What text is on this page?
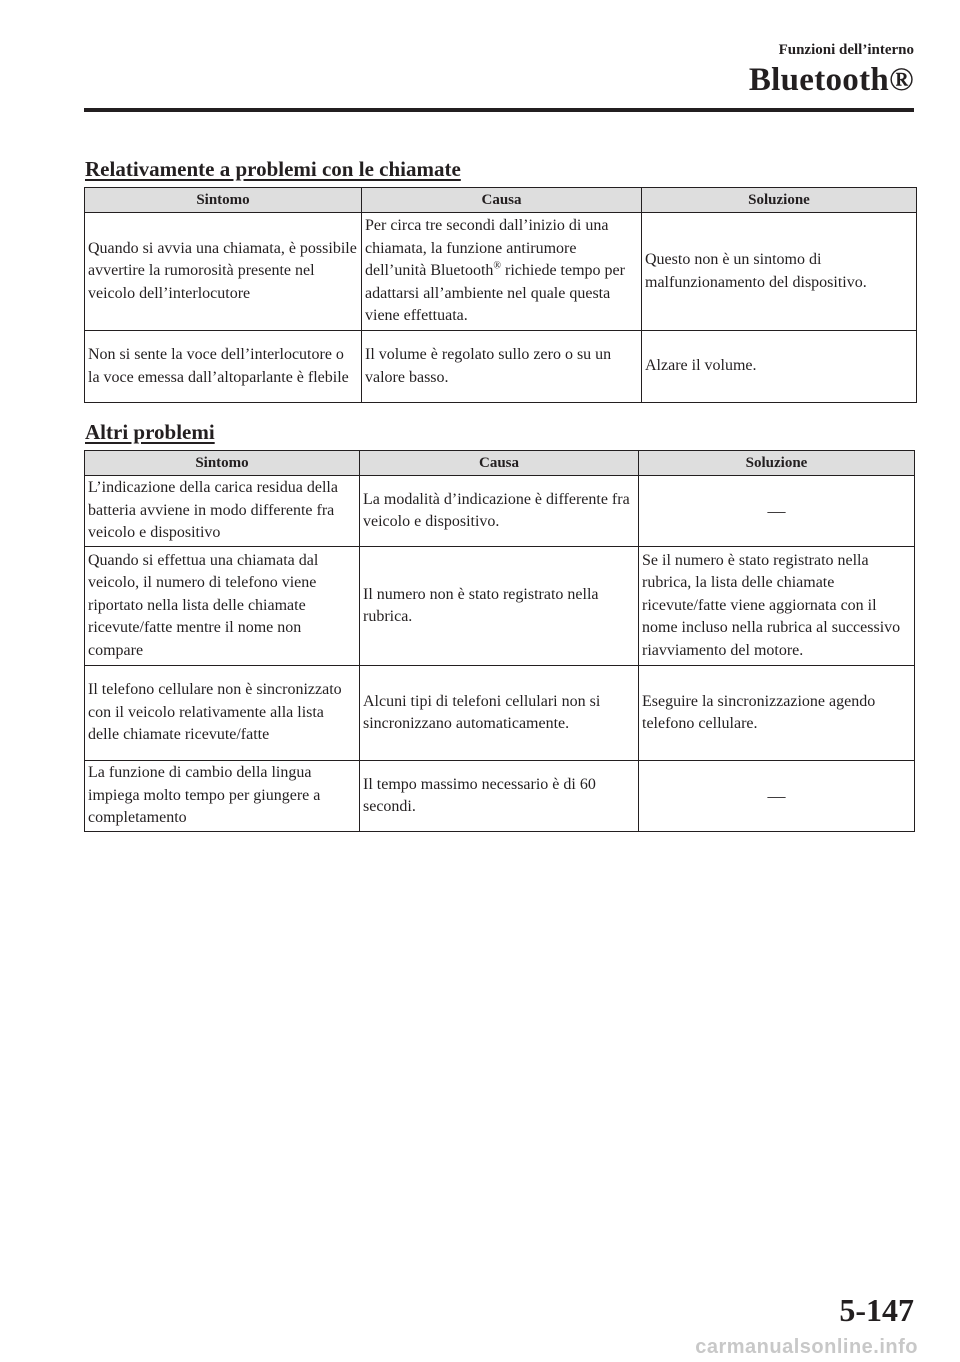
Funzioni dell’interno
Bluetooth®
Relativamente a problemi con le chiamate
Sintomo	Causa	Soluzione
Quando si avvia una chiamata, è possibile avvertire la rumorosità presente nel veicolo dell’interlocutore	Per circa tre secondi dall’inizio di una chiamata, la funzione antirumore dell’unità Bluetooth® richiede tempo per adattarsi all’ambiente nel quale questa viene effettuata.	Questo non è un sintomo di malfunzionamento del dispositivo.
Non si sente la voce dell’interlocutore o la voce emessa dall’altoparlante è flebile	Il volume è regolato sullo zero o su un valore basso.	Alzare il volume.
Altri problemi
Sintomo	Causa	Soluzione
L’indicazione della carica residua della batteria avviene in modo differente fra veicolo e dispositivo	La modalità d’indicazione è differente fra veicolo e dispositivo.	—
Quando si effettua una chiamata dal veicolo, il numero di telefono viene riportato nella lista delle chiamate ricevute/fatte mentre il nome non compare	Il numero non è stato registrato nella rubrica.	Se il numero è stato registrato nella rubrica, la lista delle chiamate ricevute/fatte viene aggiornata con il nome incluso nella rubrica al successivo riavviamento del motore.
Il telefono cellulare non è sincronizzato con il veicolo relativamente alla lista delle chiamate ricevute/fatte	Alcuni tipi di telefoni cellulari non si sincronizzano automaticamente.	Eseguire la sincronizzazione agendo telefono cellulare.
La funzione di cambio della lingua impiega molto tempo per giungere a completamento	Il tempo massimo necessario è di 60 secondi.	—
5-147
carmanualsonline.info
